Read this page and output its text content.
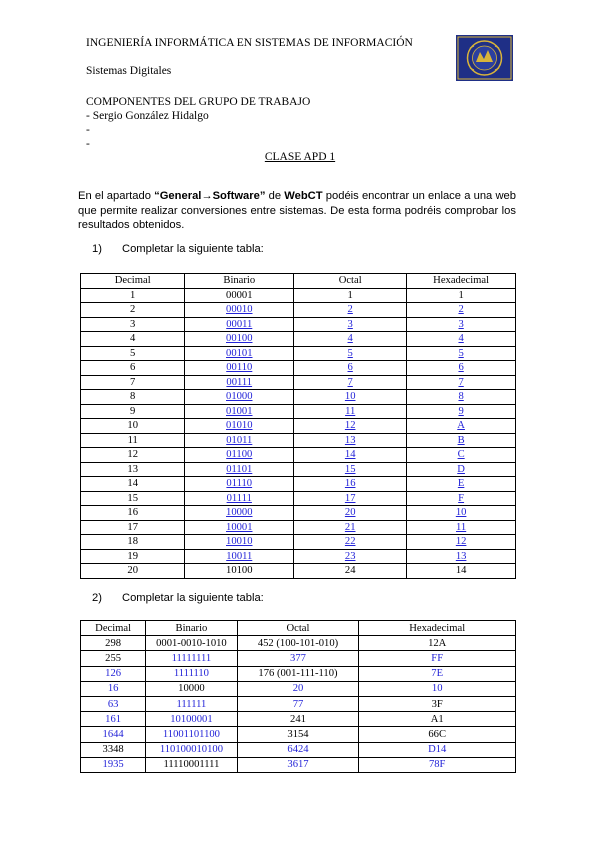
INGENIERÍA INFORMÁTICA EN SISTEMAS DE INFORMACIÓN
Sistemas Digitales
COMPONENTES DEL GRUPO DE TRABAJO
- Sergio González Hidalgo
-
-
CLASE APD 1
En el apartado “General→Software” de WebCT podéis encontrar un enlace a una web que permite realizar conversiones entre sistemas. De esta forma podréis comprobar los resultados obtenidos.
1) Completar la siguiente tabla:
Decimal	Binario	Octal	Hexadecimal
1	00001	1	1
2	00010	2	2
3	00011	3	3
4	00100	4	4
5	00101	5	5
6	00110	6	6
7	00111	7	7
8	01000	10	8
9	01001	11	9
10	01010	12	A
11	01011	13	B
12	01100	14	C
13	01101	15	D
14	01110	16	E
15	01111	17	F
16	10000	20	10
17	10001	21	11
18	10010	22	12
19	10011	23	13
20	10100	24	14
2) Completar la siguiente tabla:
Decimal	Binario	Octal	Hexadecimal
298	0001-0010-1010	452 (100-101-010)	12A
255	11111111	377	FF
126	1111110	176 (001-111-110)	7E
16	10000	20	10
63	111111	77	3F
161	10100001	241	A1
1644	11001101100	3154	66C
3348	110100010100	6424	D14
1935	11110001111	3617	78F
